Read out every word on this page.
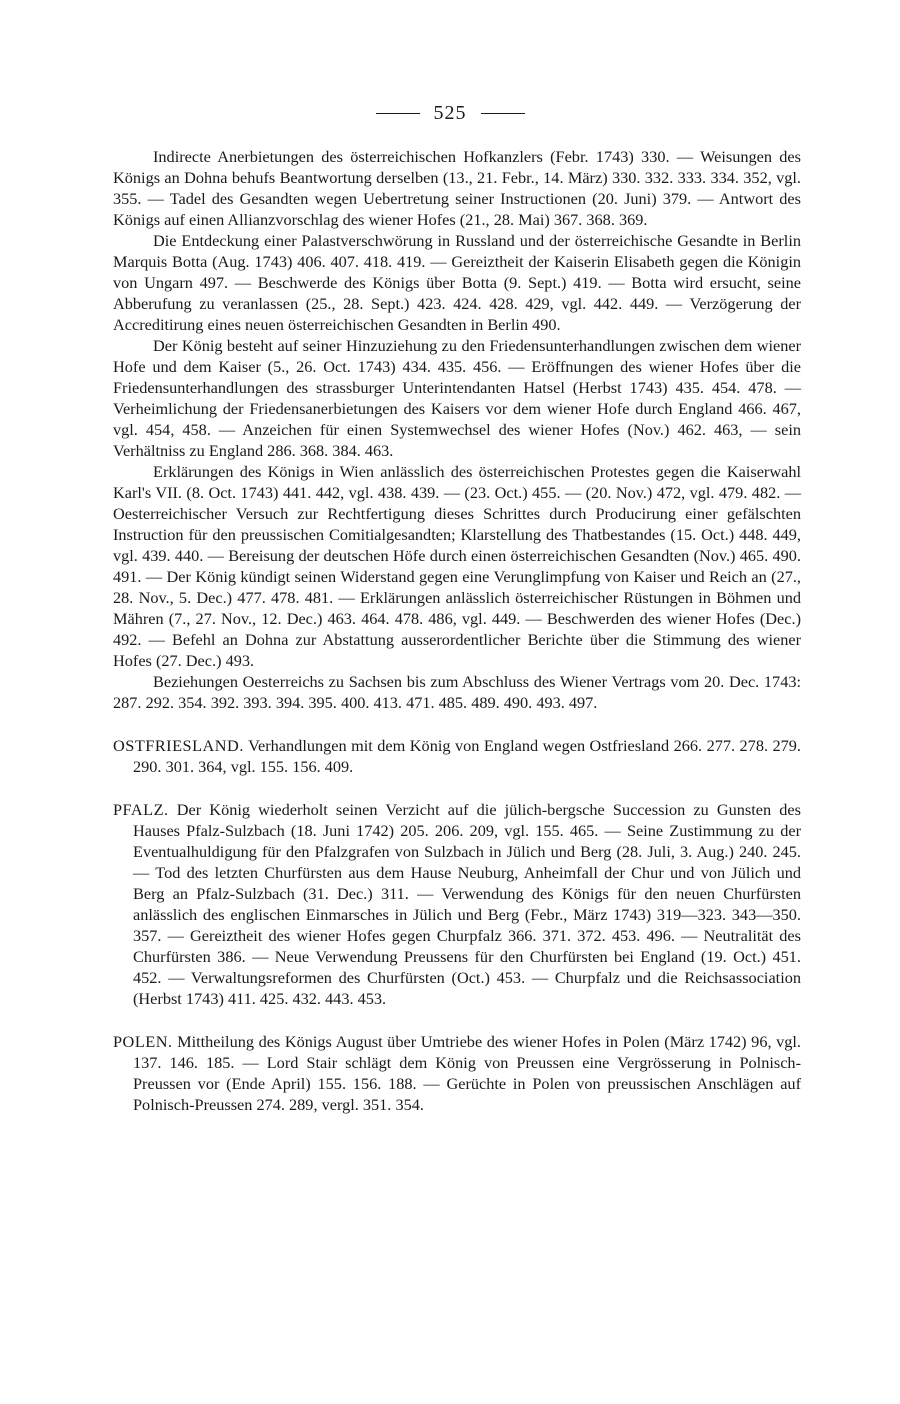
525

Indirecte Anerbietungen des österreichischen Hofkanzlers (Febr. 1743) 330. — Weisungen des Königs an Dohna behufs Beantwortung derselben (13., 21. Febr., 14. März) 330. 332. 333. 334. 352, vgl. 355. — Tadel des Gesandten wegen Uebertretung seiner Instructionen (20. Juni) 379. — Antwort des Königs auf einen Allianzvorschlag des wiener Hofes (21., 28. Mai) 367. 368. 369.

Die Entdeckung einer Palastverschwörung in Russland und der österreichische Gesandte in Berlin Marquis Botta (Aug. 1743) 406. 407. 418. 419. — Gereiztheit der Kaiserin Elisabeth gegen die Königin von Ungarn 497. — Beschwerde des Königs über Botta (9. Sept.) 419. — Botta wird ersucht, seine Abberufung zu veranlassen (25., 28. Sept.) 423. 424. 428. 429, vgl. 442. 449. — Verzögerung der Accreditirung eines neuen österreichischen Gesandten in Berlin 490.

Der König besteht auf seiner Hinzuziehung zu den Friedensunterhandlungen zwischen dem wiener Hofe und dem Kaiser (5., 26. Oct. 1743) 434. 435. 456. — Eröffnungen des wiener Hofes über die Friedensunterhandlungen des strassburger Unterintendanten Hatsel (Herbst 1743) 435. 454. 478. — Verheimlichung der Friedensanerbietungen des Kaisers vor dem wiener Hofe durch England 466. 467, vgl. 454, 458. — Anzeichen für einen Systemwechsel des wiener Hofes (Nov.) 462. 463, — sein Verhältniss zu England 286. 368. 384. 463.

Erklärungen des Königs in Wien anlässlich des österreichischen Protestes gegen die Kaiserwahl Karl's VII. (8. Oct. 1743) 441. 442, vgl. 438. 439. — (23. Oct.) 455. — (20. Nov.) 472, vgl. 479. 482. — Oesterreichischer Versuch zur Rechtfertigung dieses Schrittes durch Producirung einer gefälschten Instruction für den preussischen Comitialgesandten; Klarstellung des Thatbestandes (15. Oct.) 448. 449, vgl. 439. 440. — Bereisung der deutschen Höfe durch einen österreichischen Gesandten (Nov.) 465. 490. 491. — Der König kündigt seinen Widerstand gegen eine Verunglimpfung von Kaiser und Reich an (27., 28. Nov., 5. Dec.) 477. 478. 481. — Erklärungen anlässlich österreichischer Rüstungen in Böhmen und Mähren (7., 27. Nov., 12. Dec.) 463. 464. 478. 486, vgl. 449. — Beschwerden des wiener Hofes (Dec.) 492. — Befehl an Dohna zur Abstattung ausserordentlicher Berichte über die Stimmung des wiener Hofes (27. Dec.) 493.

Beziehungen Oesterreichs zu Sachsen bis zum Abschluss des Wiener Vertrags vom 20. Dec. 1743: 287. 292. 354. 392. 393. 394. 395. 400. 413. 471. 485. 489. 490. 493. 497.

OSTFRIESLAND. Verhandlungen mit dem König von England wegen Ostfriesland 266. 277. 278. 279. 290. 301. 364, vgl. 155. 156. 409.

PFALZ. Der König wiederholt seinen Verzicht auf die jülich-bergsche Succession zu Gunsten des Hauses Pfalz-Sulzbach (18. Juni 1742) 205. 206. 209, vgl. 155. 465. — Seine Zustimmung zu der Eventualhuldigung für den Pfalzgrafen von Sulzbach in Jülich und Berg (28. Juli, 3. Aug.) 240. 245. — Tod des letzten Churfürsten aus dem Hause Neuburg, Anheimfall der Chur und von Jülich und Berg an Pfalz-Sulzbach (31. Dec.) 311. — Verwendung des Königs für den neuen Churfürsten anlässlich des englischen Einmarsches in Jülich und Berg (Febr., März 1743) 319—323. 343—350. 357. — Gereiztheit des wiener Hofes gegen Churpfalz 366. 371. 372. 453. 496. — Neutralität des Churfürsten 386. — Neue Verwendung Preussens für den Churfürsten bei England (19. Oct.) 451. 452. — Verwaltungsreformen des Churfürsten (Oct.) 453. — Churpfalz und die Reichsassociation (Herbst 1743) 411. 425. 432. 443. 453.

POLEN. Mittheilung des Königs August über Umtriebe des wiener Hofes in Polen (März 1742) 96, vgl. 137. 146. 185. — Lord Stair schlägt dem König von Preussen eine Vergrösserung in Polnisch-Preussen vor (Ende April) 155. 156. 188. — Gerüchte in Polen von preussischen Anschlägen auf Polnisch-Preussen 274. 289, vergl. 351. 354.
